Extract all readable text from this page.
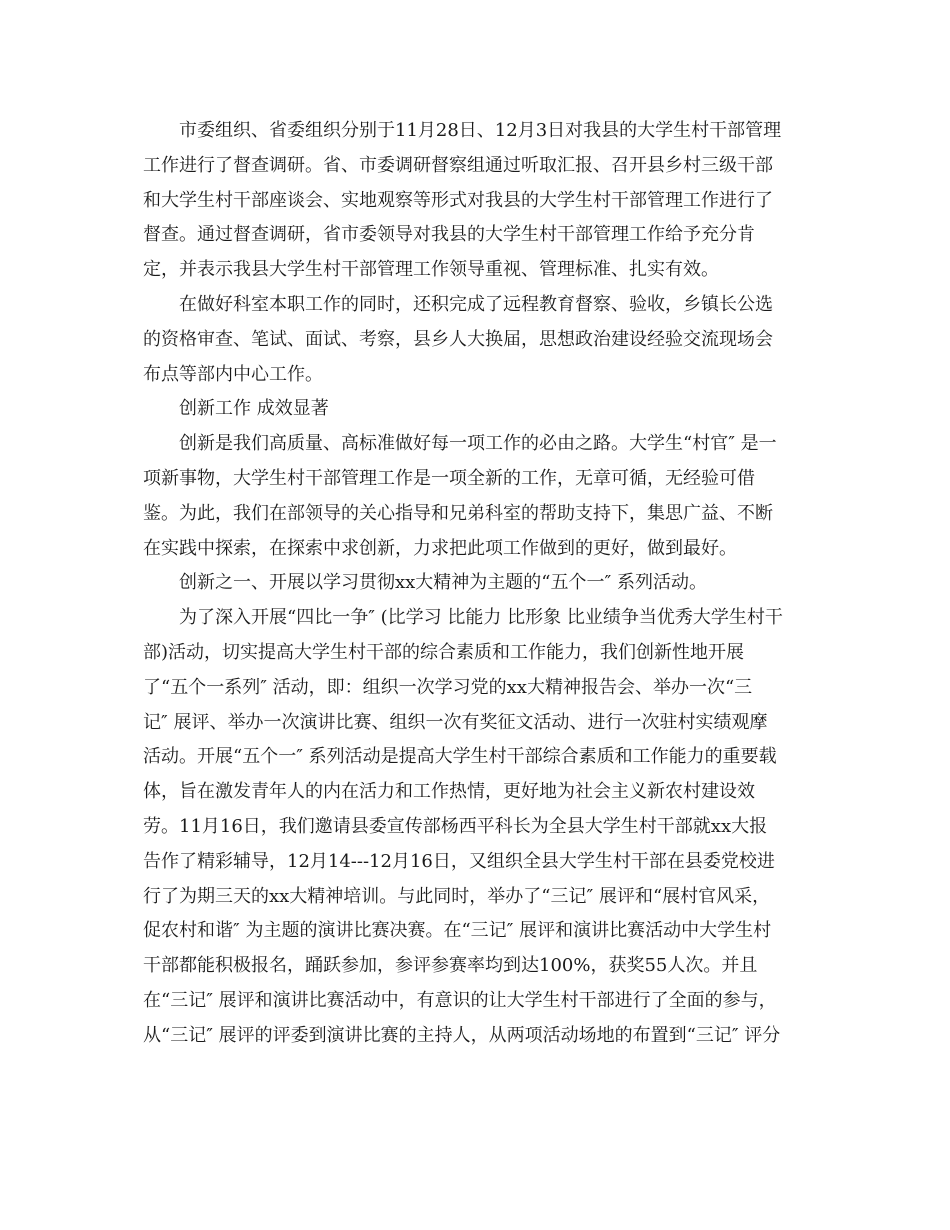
市委组织、省委组织分别于11月28日、12月3日对我县的大学生村干部管理
工作进行了督查调研。省、市委调研督察组通过听取汇报、召开县乡村三级干部
和大学生村干部座谈会、实地观察等形式对我县的大学生村干部管理工作进行了
督查。通过督查调研，省市委领导对我县的大学生村干部管理工作给予充分肯
定，并表示我县大学生村干部管理工作领导重视、管理标准、扎实有效。
在做好科室本职工作的同时，还积完成了远程教育督察、验收，乡镇长公选
的资格审查、笔试、面试、考察，县乡人大换届，思想政治建设经验交流现场会
布点等部内中心工作。
创新工作 成效显著
创新是我们高质量、高标准做好每一项工作的必由之路。大学生“村官″ 是一
项新事物，大学生村干部管理工作是一项全新的工作，无章可循，无经验可借
鉴。为此，我们在部领导的关心指导和兄弟科室的帮助支持下，集思广益、不断
在实践中探索，在探索中求创新，力求把此项工作做到的更好，做到最好。
创新之一、开展以学习贯彻xx大精神为主题的“五个一″ 系列活动。
为了深入开展“四比一争″ (比学习 比能力 比形象 比业绩争当优秀大学生村干
部)活动，切实提高大学生村干部的综合素质和工作能力，我们创新性地开展
了“五个一系列″ 活动，即：组织一次学习党的xx大精神报告会、举办一次“三
记″ 展评、举办一次演讲比赛、组织一次有奖征文活动、进行一次驻村实绩观摩
活动。开展“五个一″ 系列活动是提高大学生村干部综合素质和工作能力的重要载
体，旨在激发青年人的内在活力和工作热情，更好地为社会主义新农村建设效
劳。11月16日，我们邀请县委宣传部杨西平科长为全县大学生村干部就xx大报
告作了精彩辅导，12月14---12月16日，又组织全县大学生村干部在县委党校进
行了为期三天的xx大精神培训。与此同时，举办了“三记″ 展评和“展村官风采，
促农村和谐″ 为主题的演讲比赛决赛。在“三记″ 展评和演讲比赛活动中大学生村
干部都能积极报名，踊跃参加，参评参赛率均到达100%，获奖55人次。并且
在“三记″ 展评和演讲比赛活动中，有意识的让大学生村干部进行了全面的参与，
从“三记″ 展评的评委到演讲比赛的主持人，从两项活动场地的布置到“三记″ 评分
